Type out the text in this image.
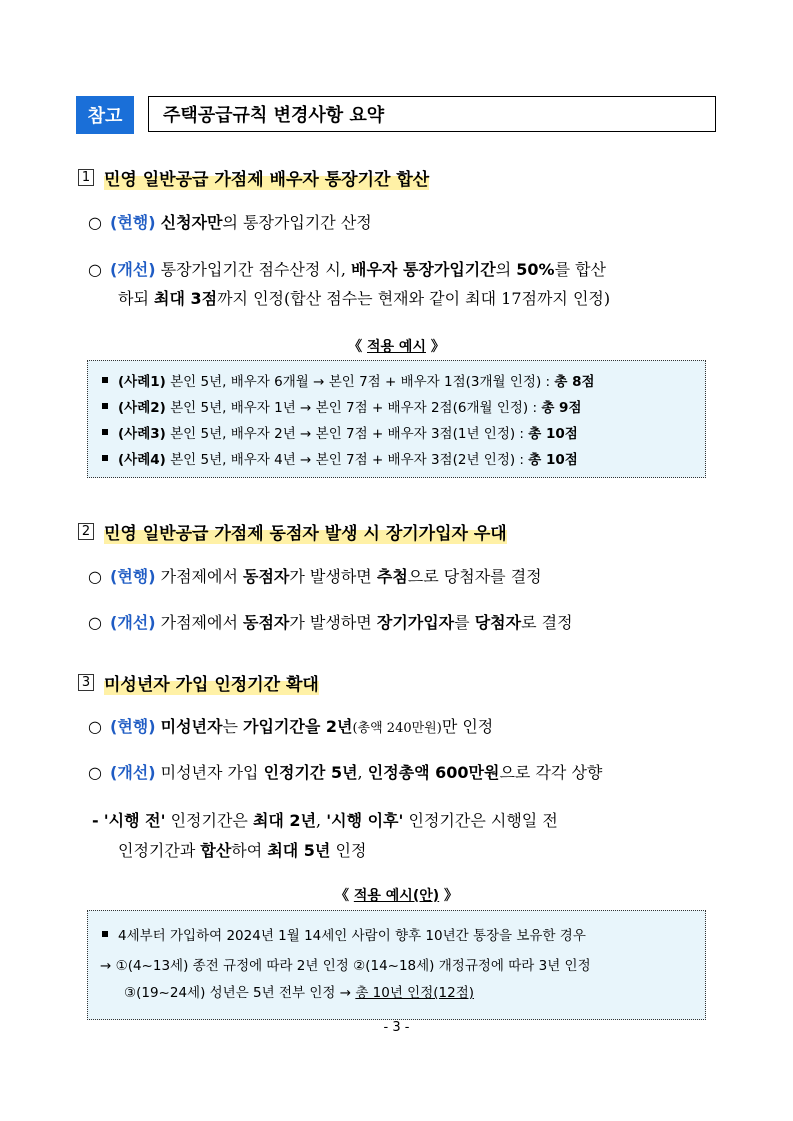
참고	주택공급규칙 변경사항 요약
1 민영 일반공급 가점제 배우자 통장기간 합산
○ (현행) 신청자만의 통장가입기간 산정
○ (개선) 통장가입기간 점수산정 시, 배우자 통장가입기간의 50%를 합산
하되 최대 3점까지 인정(합산 점수는 현재와 같이 최대 17점까지 인정)
《 적용 예시 》
(사례1)
본인 5년, 배우자 6개월 → 본인 7점 + 배우자 1점(3개월 인정) :
총 8점
(사례2)
본인 5년, 배우자 1년 → 본인 7점 + 배우자 2점(6개월 인정) :
총 9점
(사례3)
본인 5년, 배우자 2년 → 본인 7점 + 배우자 3점(1년 인정) :
총 10점
(사례4)
본인 5년, 배우자 4년 → 본인 7점 + 배우자 3점(2년 인정) :
총 10점
2 민영 일반공급 가점제 동점자 발생 시 장기가입자 우대
○ (현행) 가점제에서 동점자가 발생하면 추첨으로 당첨자를 결정
○ (개선) 가점제에서 동점자가 발생하면 장기가입자를 당첨자로 결정
3 미성년자 가입 인정기간 확대
○ (현행) 미성년자는 가입기간을 2년(총액 240만원)만 인정
○ (개선) 미성년자 가입 인정기간 5년, 인정총액 600만원으로 각각 상향
- '시행 전' 인정기간은 최대 2년, '시행 이후' 인정기간은 시행일 전
인정기간과 합산하여 최대 5년 인정
《 적용 예시(안) 》
4세부터 가입하여 2024년 1월 14세인 사람이 향후 10년간 통장을 보유한 경우
→ ①(4~13세) 종전 규정에 따라 2년 인정 ②(14~18세) 개정규정에 따라 3년 인정
③(19~24세) 성년은 5년 전부 인정 →
총 10년 인정(12점)
- 3 -
